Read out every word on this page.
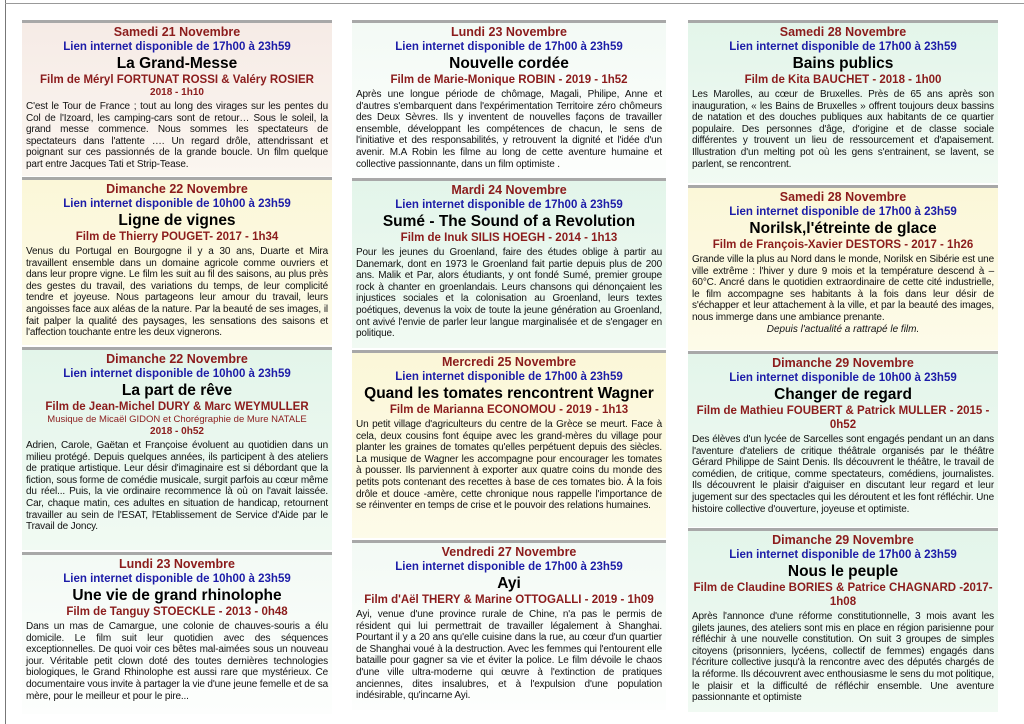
Samedi 21 Novembre
Lien internet disponible de 17h00 à 23h59
La Grand-Messe
Film de Méryl FORTUNAT ROSSI & Valéry ROSIER
2018 - 1h10
C'est le Tour de France ; tout au long des virages sur les pentes du Col de l'Izoard, les camping-cars sont de retour… Sous le soleil, la grand messe commence. Nous sommes les spectateurs de spectateurs dans l'attente …. Un regard drôle, attendrissant et poignant sur ces passionnés de la grande boucle. Un film quelque part entre Jacques Tati et Strip-Tease.
Dimanche 22 Novembre
Lien internet disponible de 10h00 à 23h59
Ligne de vignes
Film de Thierry POUGET- 2017 - 1h34
Venus du Portugal en Bourgogne il y a 30 ans, Duarte et Mira travaillent ensemble dans un domaine agricole comme ouvriers et dans leur propre vigne. Le film les suit au fil des saisons, au plus près des gestes du travail, des variations du temps, de leur complicité tendre et joyeuse. Nous partageons leur amour du travail, leurs angoisses face aux aléas de la nature. Par la beauté de ses images, il fait palper la qualité des paysages, les sensations des saisons et l'affection touchante entre les deux vignerons.
Dimanche 22 Novembre
Lien internet disponible de 10h00 à 23h59
La part de rêve
Film de Jean-Michel DURY & Marc WEYMULLER
Musique de Micaël GIDON et Chorégraphie de Mure NATALE
2018 - 0h52
Adrien, Carole, Gaëtan et Françoise évoluent au quotidien dans un milieu protégé. Depuis quelques années, ils participent à des ateliers de pratique artistique. Leur désir d'imaginaire est si débordant que la fiction, sous forme de comédie musicale, surgit parfois au cœur même du réel... Puis, la vie ordinaire recommence là où on l'avait laissée. Car, chaque matin, ces adultes en situation de handicap, retournent travailler au sein de l'ESAT, l'Etablissement de Service d'Aide par le Travail de Joncy.
Lundi 23 Novembre
Lien internet disponible de 10h00 à 23h59
Une vie de grand rhinolophe
Film de Tanguy STOECKLE - 2013 - 0h48
Dans un mas de Camargue, une colonie de chauves-souris a élu domicile. Le film suit leur quotidien avec des séquences exceptionnelles. De quoi voir ces bêtes mal-aimées sous un nouveau jour. Véritable petit clown doté des toutes dernières technologies biologiques, le Grand Rhinolophe est aussi rare que mystérieux. Ce documentaire vous invite à partager la vie d'une jeune femelle et de sa mère, pour le meilleur et pour le pire...
Lundi 23 Novembre
Lien internet disponible de 17h00 à 23h59
Nouvelle cordée
Film de Marie-Monique ROBIN - 2019 - 1h52
Après une longue période de chômage, Magali, Philipe, Anne et d'autres s'embarquent dans l'expérimentation Territoire zéro chômeurs des Deux Sèvres. Ils y inventent de nouvelles façons de travailler ensemble, développant les compétences de chacun, le sens de l'initiative et des responsabilités, y retrouvent la dignité et l'idée d'un avenir. M.A Robin les filme au long de cette aventure humaine et collective passionnante, dans un film optimiste .
Mardi 24 Novembre
Lien internet disponible de 17h00 à 23h59
Sumé - The Sound of a Revolution
Film de Inuk SILIS HOEGH - 2014 - 1h13
Pour les jeunes du Groenland, faire des études oblige à partir au Danemark, dont en 1973 le Groenland fait partie depuis plus de 200 ans. Malik et Par, alors étudiants, y ont fondé Sumé, premier groupe rock à chanter en groenlandais. Leurs chansons qui dénonçaient les injustices sociales et la colonisation au Groenland, leurs textes poétiques, devenus la voix de toute la jeune génération au Groenland, ont avivé l'envie de parler leur langue marginalisée et de s'engager en politique.
Mercredi 25 Novembre
Lien internet disponible de 17h00 à 23h59
Quand les tomates rencontrent Wagner
Film de Marianna ECONOMOU - 2019 - 1h13
Un petit village d'agriculteurs du centre de la Grèce se meurt. Face à cela, deux cousins font équipe avec les grand-mères du village pour planter les graines de tomates qu'elles perpétuent depuis des siècles. La musique de Wagner les accompagne pour encourager les tomates à pousser. Ils parviennent à exporter aux quatre coins du monde des petits pots contenant des recettes à base de ces tomates bio. À la fois drôle et douce -amère, cette chronique nous rappelle l'importance de se réinventer en temps de crise et le pouvoir des relations humaines.
Vendredi 27 Novembre
Lien internet disponible de 17h00 à 23h59
Ayi
Film d'Aël THERY & Marine OTTOGALLI - 2019 - 1h09
Ayi, venue d'une province rurale de Chine, n'a pas le permis de résident qui lui permettrait de travailler légalement à Shanghai. Pourtant il y a 20 ans qu'elle cuisine dans la rue, au cœur d'un quartier de Shanghai voué à la destruction. Avec les femmes qui l'entourent elle bataille pour gagner sa vie et éviter la police. Le film dévoile le chaos d'une ville ultra-moderne qui œuvre à l'extinction de pratiques anciennes, dites insalubres, et à l'expulsion d'une population indésirable, qu'incarne Ayi.
Samedi 28 Novembre
Lien internet disponible de 17h00 à 23h59
Bains publics
Film de Kita BAUCHET - 2018 - 1h00
Les Marolles, au cœur de Bruxelles. Près de 65 ans après son inauguration, « les Bains de Bruxelles » offrent toujours deux bassins de natation et des douches publiques aux habitants de ce quartier populaire. Des personnes d'âge, d'origine et de classe sociale différentes y trouvent un lieu de ressourcement et d'apaisement. Illustration d'un melting pot où les gens s'entrainent, se lavent, se parlent, se rencontrent.
Samedi 28 Novembre
Lien internet disponible de 17h00 à 23h59
Norilsk,l'étreinte de glace
Film de François-Xavier DESTORS - 2017 - 1h26
Grande ville la plus au Nord dans le monde, Norilsk en Sibérie est une ville extrême : l'hiver y dure 9 mois et la température descend à – 60°C. Ancré dans le quotidien extraordinaire de cette cité industrielle, le film accompagne ses habitants à la fois dans leur désir de s'échapper et leur attachement à la ville, et par la beauté des images, nous immerge dans une ambiance prenante.
Depuis l'actualité a rattrapé le film.
Dimanche 29 Novembre
Lien internet disponible de 10h00 à 23h59
Changer de regard
Film de Mathieu FOUBERT & Patrick MULLER - 2015 - 0h52
Des élèves d'un lycée de Sarcelles sont engagés pendant un an dans l'aventure d'ateliers de critique théâtrale organisés par le théâtre Gérard Philippe de Saint Denis. Ils découvrent le théâtre, le travail de comédien, de critique, comme spectateurs, comédiens, journalistes. Ils découvrent le plaisir d'aiguiser en discutant leur regard et leur jugement sur des spectacles qui les déroutent et les font réfléchir. Une histoire collective d'ouverture, joyeuse et optimiste.
Dimanche 29 Novembre
Lien internet disponible de 17h00 à 23h59
Nous le peuple
Film de Claudine BORIES & Patrice CHAGNARD -2017-1h08
Après l'annonce d'une réforme constitutionnelle, 3 mois avant les gilets jaunes, des ateliers sont mis en place en région parisienne pour réfléchir à une nouvelle constitution. On suit 3 groupes de simples citoyens (prisonniers, lycéens, collectif de femmes) engagés dans l'écriture collective jusqu'à la rencontre avec des députés chargés de la réforme. Ils découvrent avec enthousiasme le sens du mot politique, le plaisir et la difficulté de réfléchir ensemble. Une aventure passionnante et optimiste
